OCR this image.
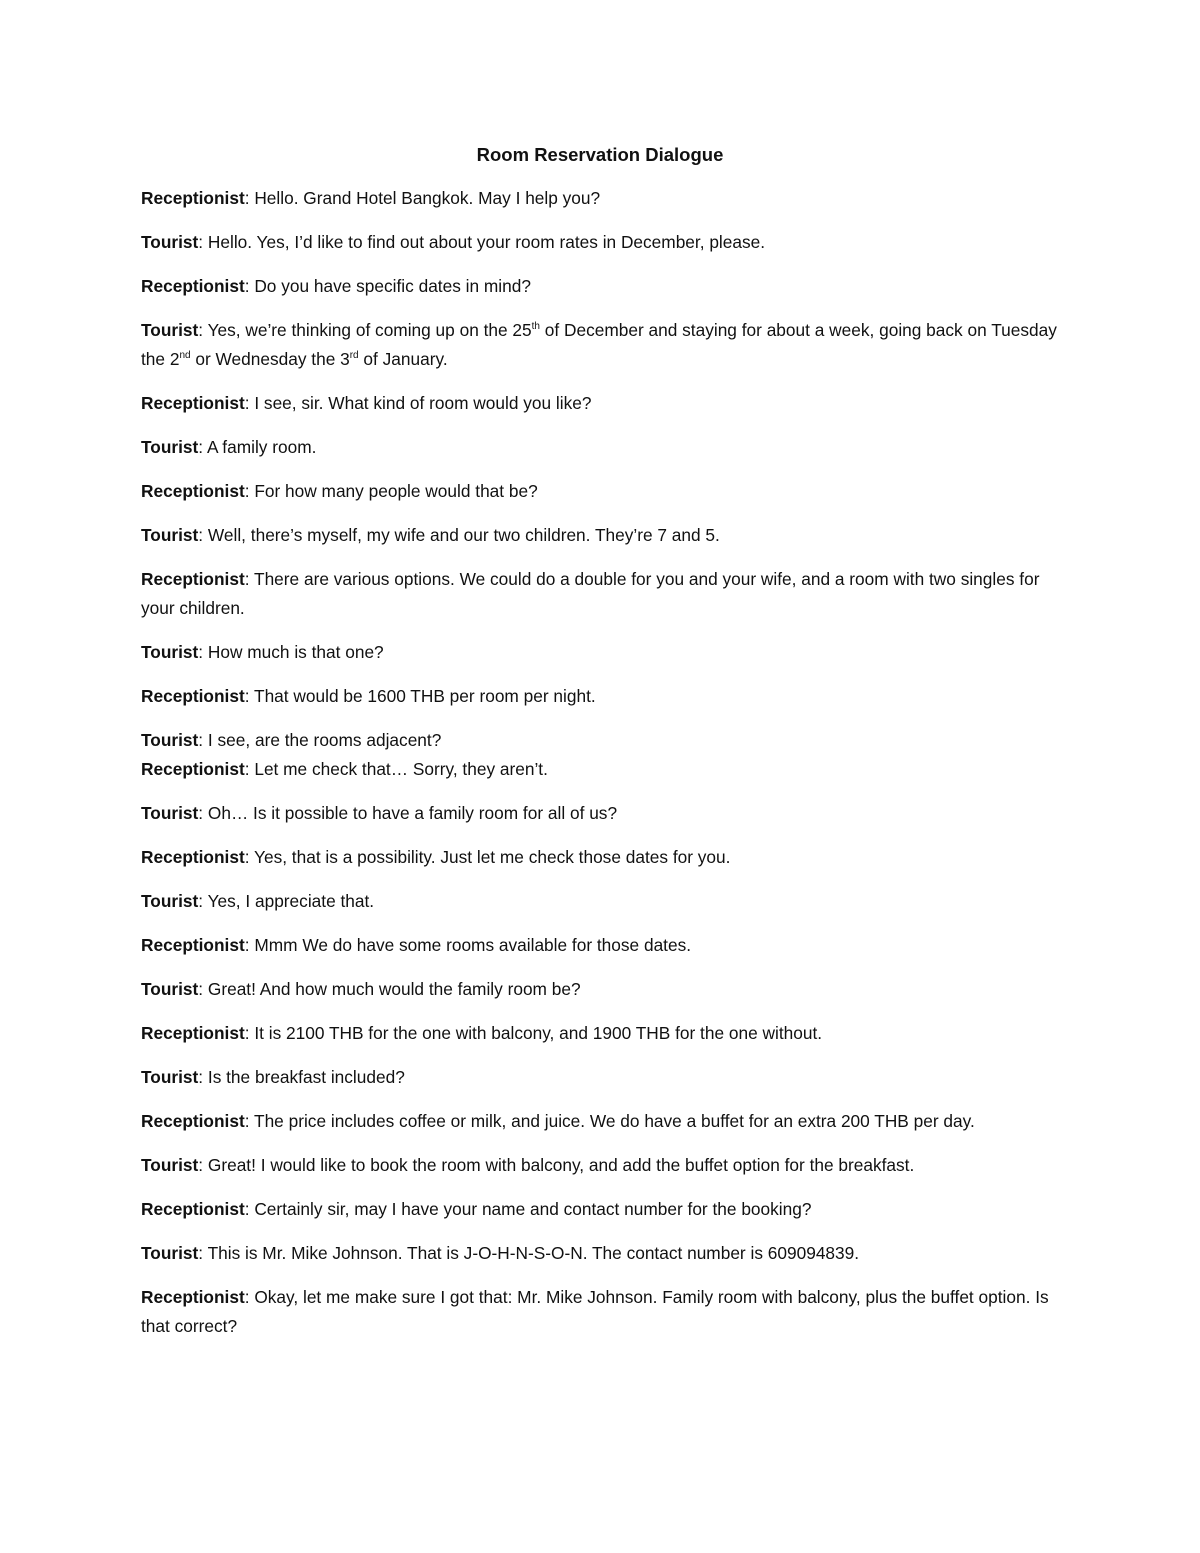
Room Reservation Dialogue

Receptionist: Hello. Grand Hotel Bangkok. May I help you?

Tourist: Hello. Yes, I’d like to find out about your room rates in December, please.

Receptionist: Do you have specific dates in mind?

Tourist: Yes, we’re thinking of coming up on the 25th of December and staying for about a week, going back on Tuesday the 2nd or Wednesday the 3rd of January.

Receptionist: I see, sir. What kind of room would you like?

Tourist: A family room.

Receptionist: For how many people would that be?

Tourist: Well, there’s myself, my wife and our two children. They’re 7 and 5.

Receptionist: There are various options. We could do a double for you and your wife, and a room with two singles for your children.

Tourist: How much is that one?

Receptionist: That would be 1600 THB per room per night.

Tourist: I see, are the rooms adjacent?

Receptionist: Let me check that… Sorry, they aren’t.

Tourist: Oh… Is it possible to have a family room for all of us?

Receptionist: Yes, that is a possibility. Just let me check those dates for you.

Tourist: Yes, I appreciate that.

Receptionist: Mmm We do have some rooms available for those dates.

Tourist: Great! And how much would the family room be?

Receptionist: It is 2100 THB for the one with balcony, and 1900 THB for the one without.

Tourist: Is the breakfast included?

Receptionist: The price includes coffee or milk, and juice. We do have a buffet for an extra 200 THB per day.

Tourist: Great! I would like to book the room with balcony, and add the buffet option for the breakfast.

Receptionist: Certainly sir, may I have your name and contact number for the booking?

Tourist: This is Mr. Mike Johnson. That is J-O-H-N-S-O-N. The contact number is 609094839.

Receptionist: Okay, let me make sure I got that: Mr. Mike Johnson. Family room with balcony, plus the buffet option. Is that correct?
